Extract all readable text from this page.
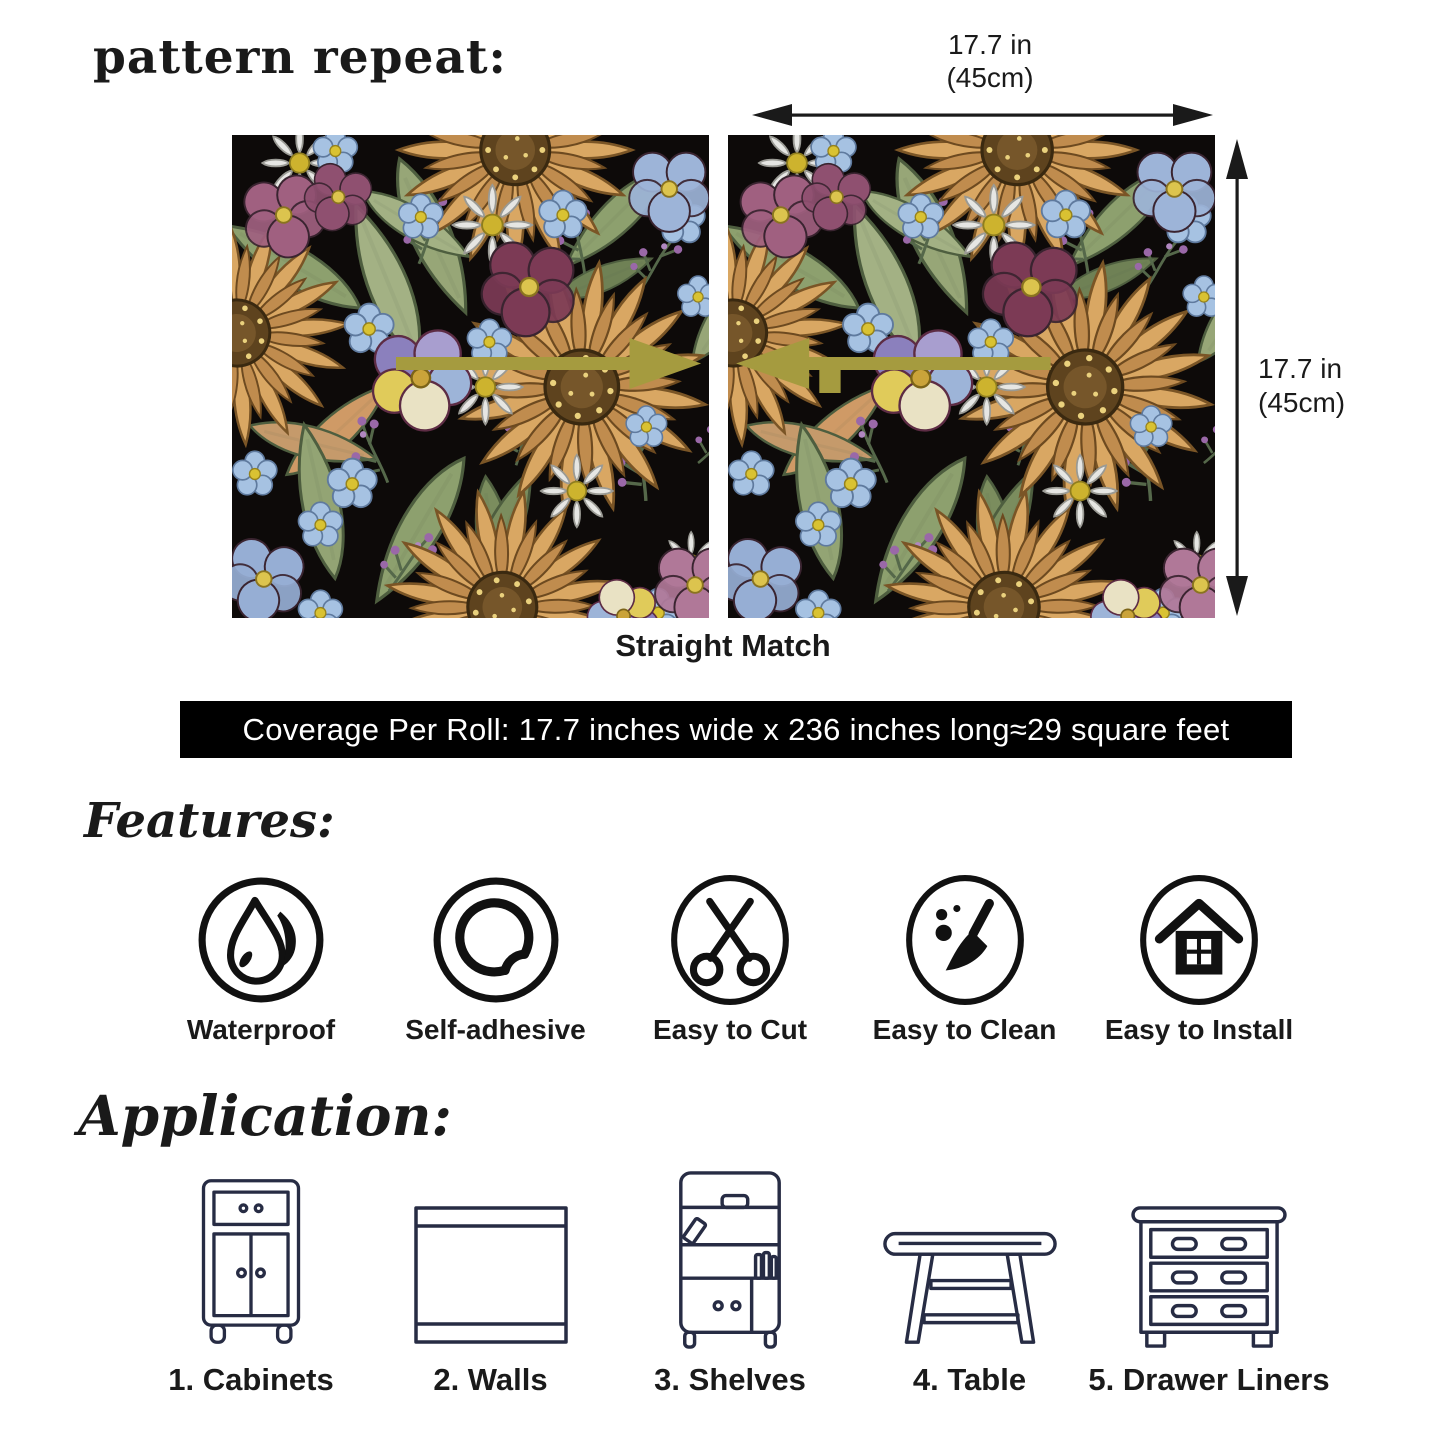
pattern repeat:	17.7 in
(45cm)
17.7 in
(45cm)
Straight Match
Coverage Per Roll: 17.7 inches wide x 236 inches long≈29 square feet
Features:
Waterproof	Self-adhesive Easy to Cut Easy to Clean Easy to Install
Application:
1. Cabinets	2. Walls	3. Shelves	4. Table 5. Drawer Liners
